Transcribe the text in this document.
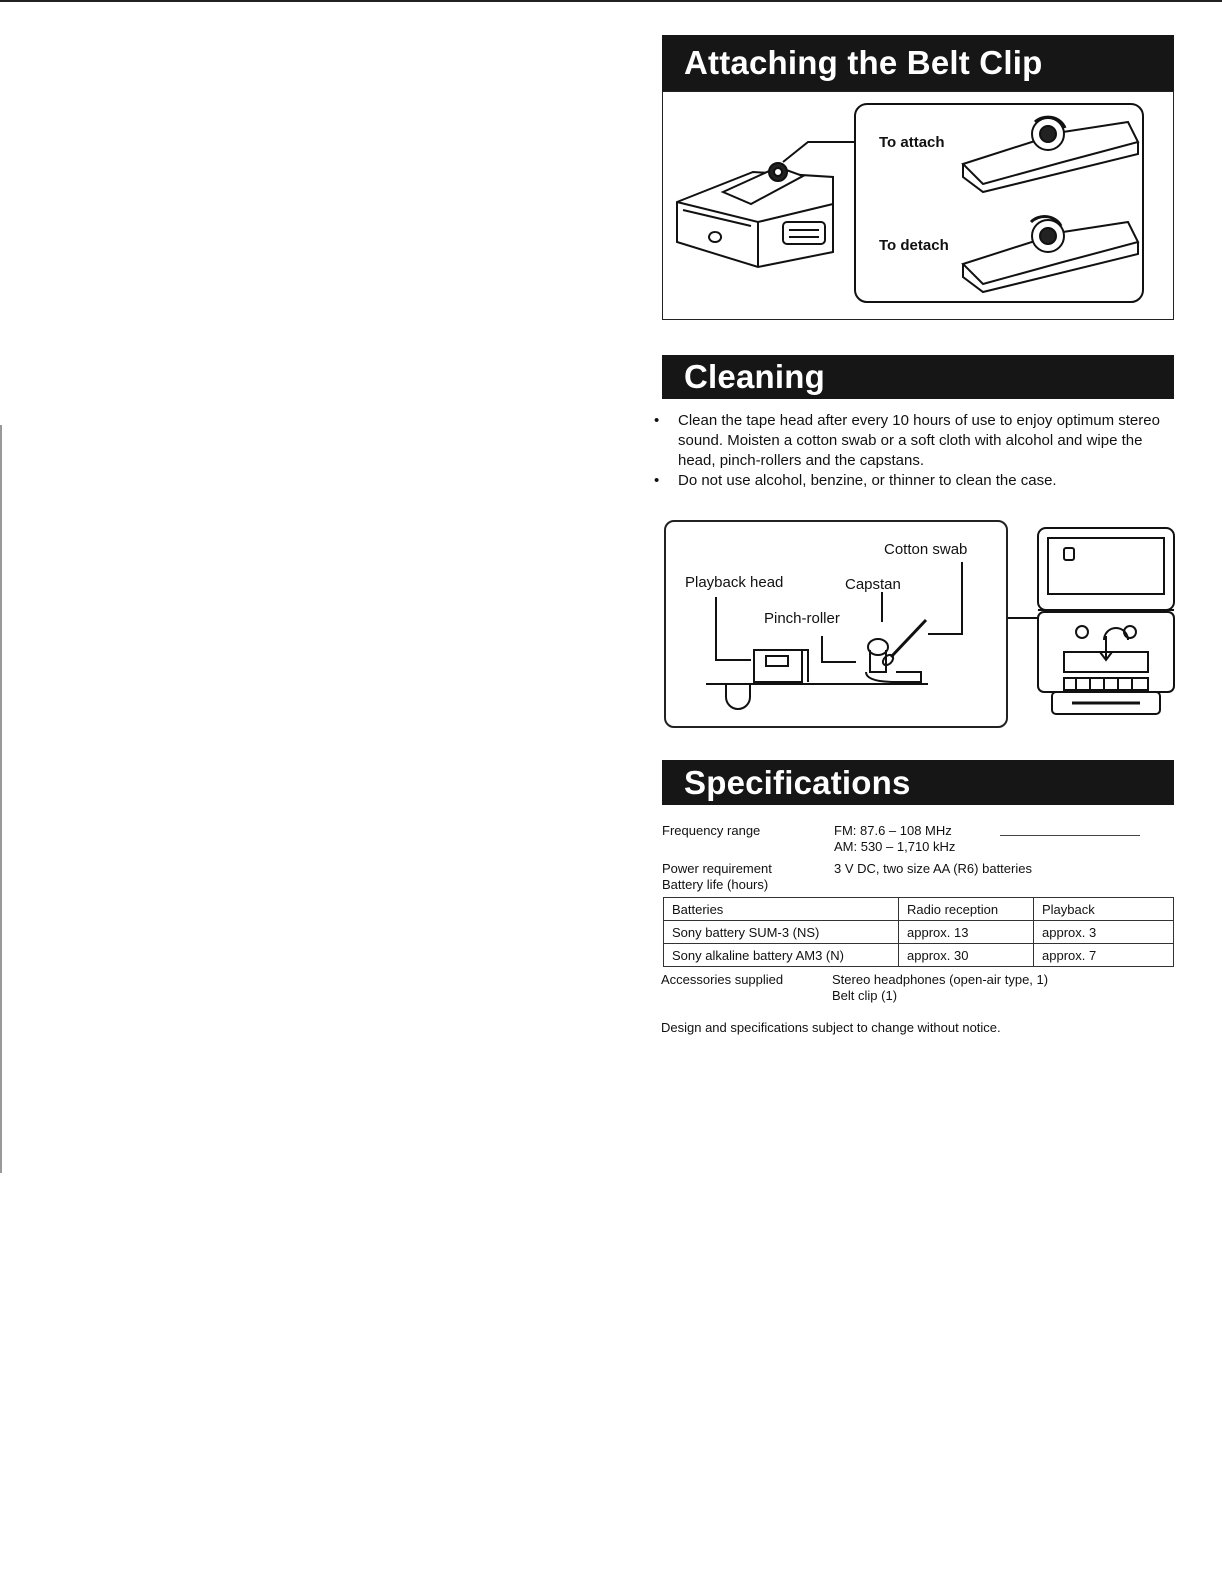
Attaching the Belt Clip
To attach
To detach
Cleaning
• Clean the tape head after every 10 hours of use to enjoy optimum stereo sound. Moisten a cotton swab or a soft cloth with alcohol and wipe the head, pinch-rollers and the capstans.
• Do not use alcohol, benzine, or thinner to clean the case.
Cotton swab
Playback head	Capstan
Pinch-roller
Specifications
Frequency range	FM: 87.6 – 108 MHz
AM: 530 – 1,710 kHz
Power requirement	3 V DC, two size AA (R6) batteries
Battery life (hours)
Batteries	Radio reception	Playback
Sony battery SUM-3 (NS)	approx. 13	approx. 3
Sony alkaline battery AM3 (N)	approx. 30	approx. 7
Accessories supplied	Stereo headphones (open-air type, 1)
Belt clip (1)
Design and specifications subject to change without notice.
